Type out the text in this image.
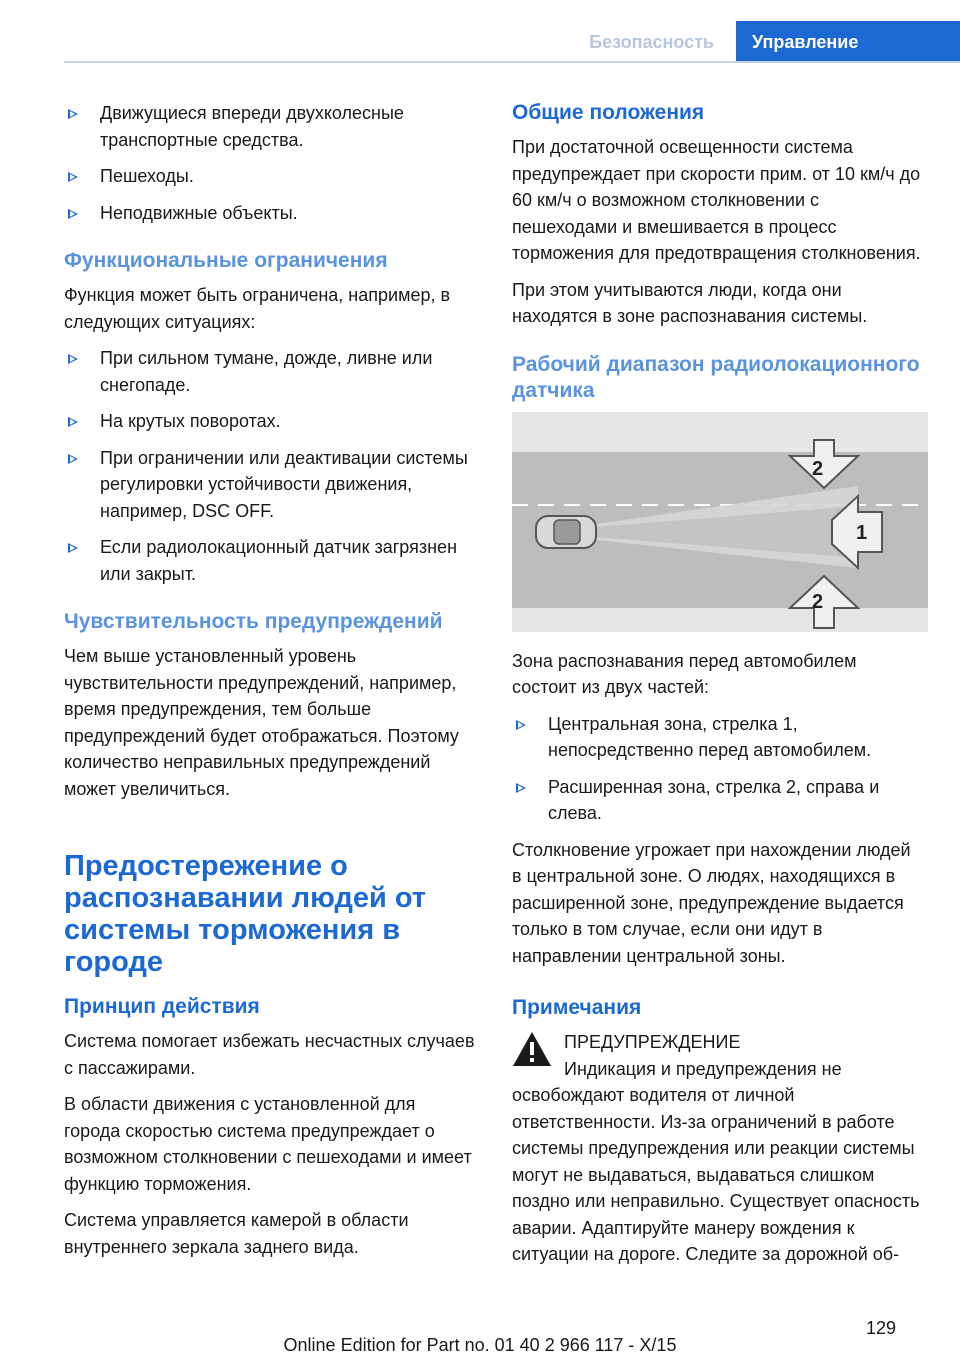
Безопасность	Управление
Движущиеся впереди двухколесные транспортные средства.
Пешеходы.
Неподвижные объекты.
Функциональные ограничения

Функция может быть ограничена, например, в следующих ситуациях:

При сильном тумане, дожде, ливне или снегопаде.
На крутых поворотах.
При ограничении или деактивации системы регулировки устойчивости движения, например, DSC OFF.
Если радиолокационный датчик загрязнен или закрыт.
Чувствительность предупреждений

Чем выше установленный уровень чувствительности предупреждений, например, время предупреждения, тем больше предупреждений будет отображаться. Поэтому количество неправильных предупреждений может увеличиться.

Предостережение о распознавании людей от системы торможения в городе
Принцип действия

Система помогает избежать несчастных случаев с пассажирами.

В области движения с установленной для города скоростью система предупреждает о возможном столкновении с пешеходами и имеет функцию торможения.

Система управляется камерой в области внутреннего зеркала заднего вида.

Общие положения

При достаточной освещенности система предупреждает при скорости прим. от 10 км/ч до 60 км/ч о возможном столкновении с пешеходами и вмешивается в процесс торможения для предотвращения столкновения.

При этом учитываются люди, когда они находятся в зоне распознавания системы.

Рабочий диапазон радиолокационного датчика
2
1
2

Зона распознавания перед автомобилем состоит из двух частей:

Центральная зона, стрелка 1, непосредственно перед автомобилем.
Расширенная зона, стрелка 2, справа и слева.

Столкновение угрожает при нахождении людей в центральной зоне. О людях, находящихся в расширенной зоне, предупреждение выдается только в том случае, если они идут в направлении центральной зоны.

Примечания
ПРЕДУПРЕЖДЕНИЕ

Индикация и предупреждения не освобождают водителя от личной ответственности. Из-за ограничений в работе системы предупреждения или реакции системы могут не выдаваться, выдаваться слишком поздно или неправильно. Существует опасность аварии. Адаптируйте манеру вождения к ситуации на дороге. Следите за дорожной об-

129
Online Edition for Part no. 01 40 2 966 117 - X/15
